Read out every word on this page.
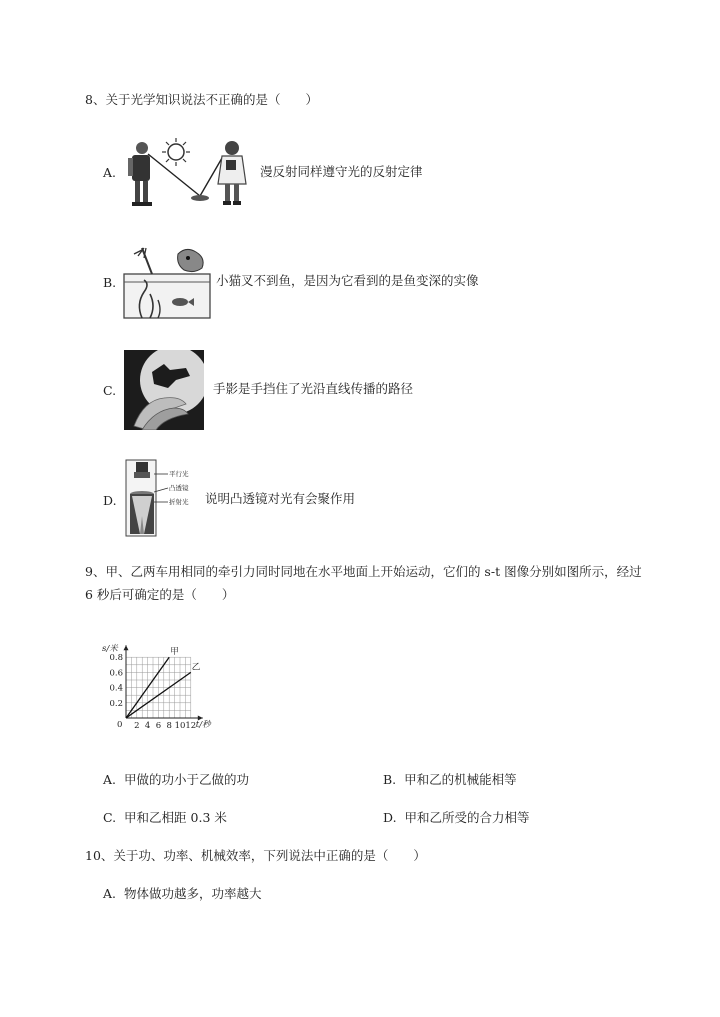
8、关于光学知识说法不正确的是（　　）
A.	漫反射同样遵守光的反射定律
B.	小猫叉不到鱼，是因为它看到的是鱼变深的实像
C.	手影是手挡住了光沿直线传播的路径
D.
平行光
凸透镜
折射光 说明凸透镜对光有会聚作用
9、甲、乙两车用相同的牵引力同时同地在水平地面上开始运动，它们的 s-t 图像分别如图所示，经过
6 秒后可确定的是（　　）
s/米
t/秒
0 2 4 6 8 10 12
0.2
0.4
0.6
0.8
甲
乙
A. 甲做的功小于乙做的功	B. 甲和乙的机械能相等
C. 甲和乙相距 0.3 米	D. 甲和乙所受的合力相等
10、关于功、功率、机械效率，下列说法中正确的是（　　）
A. 物体做功越多，功率越大
